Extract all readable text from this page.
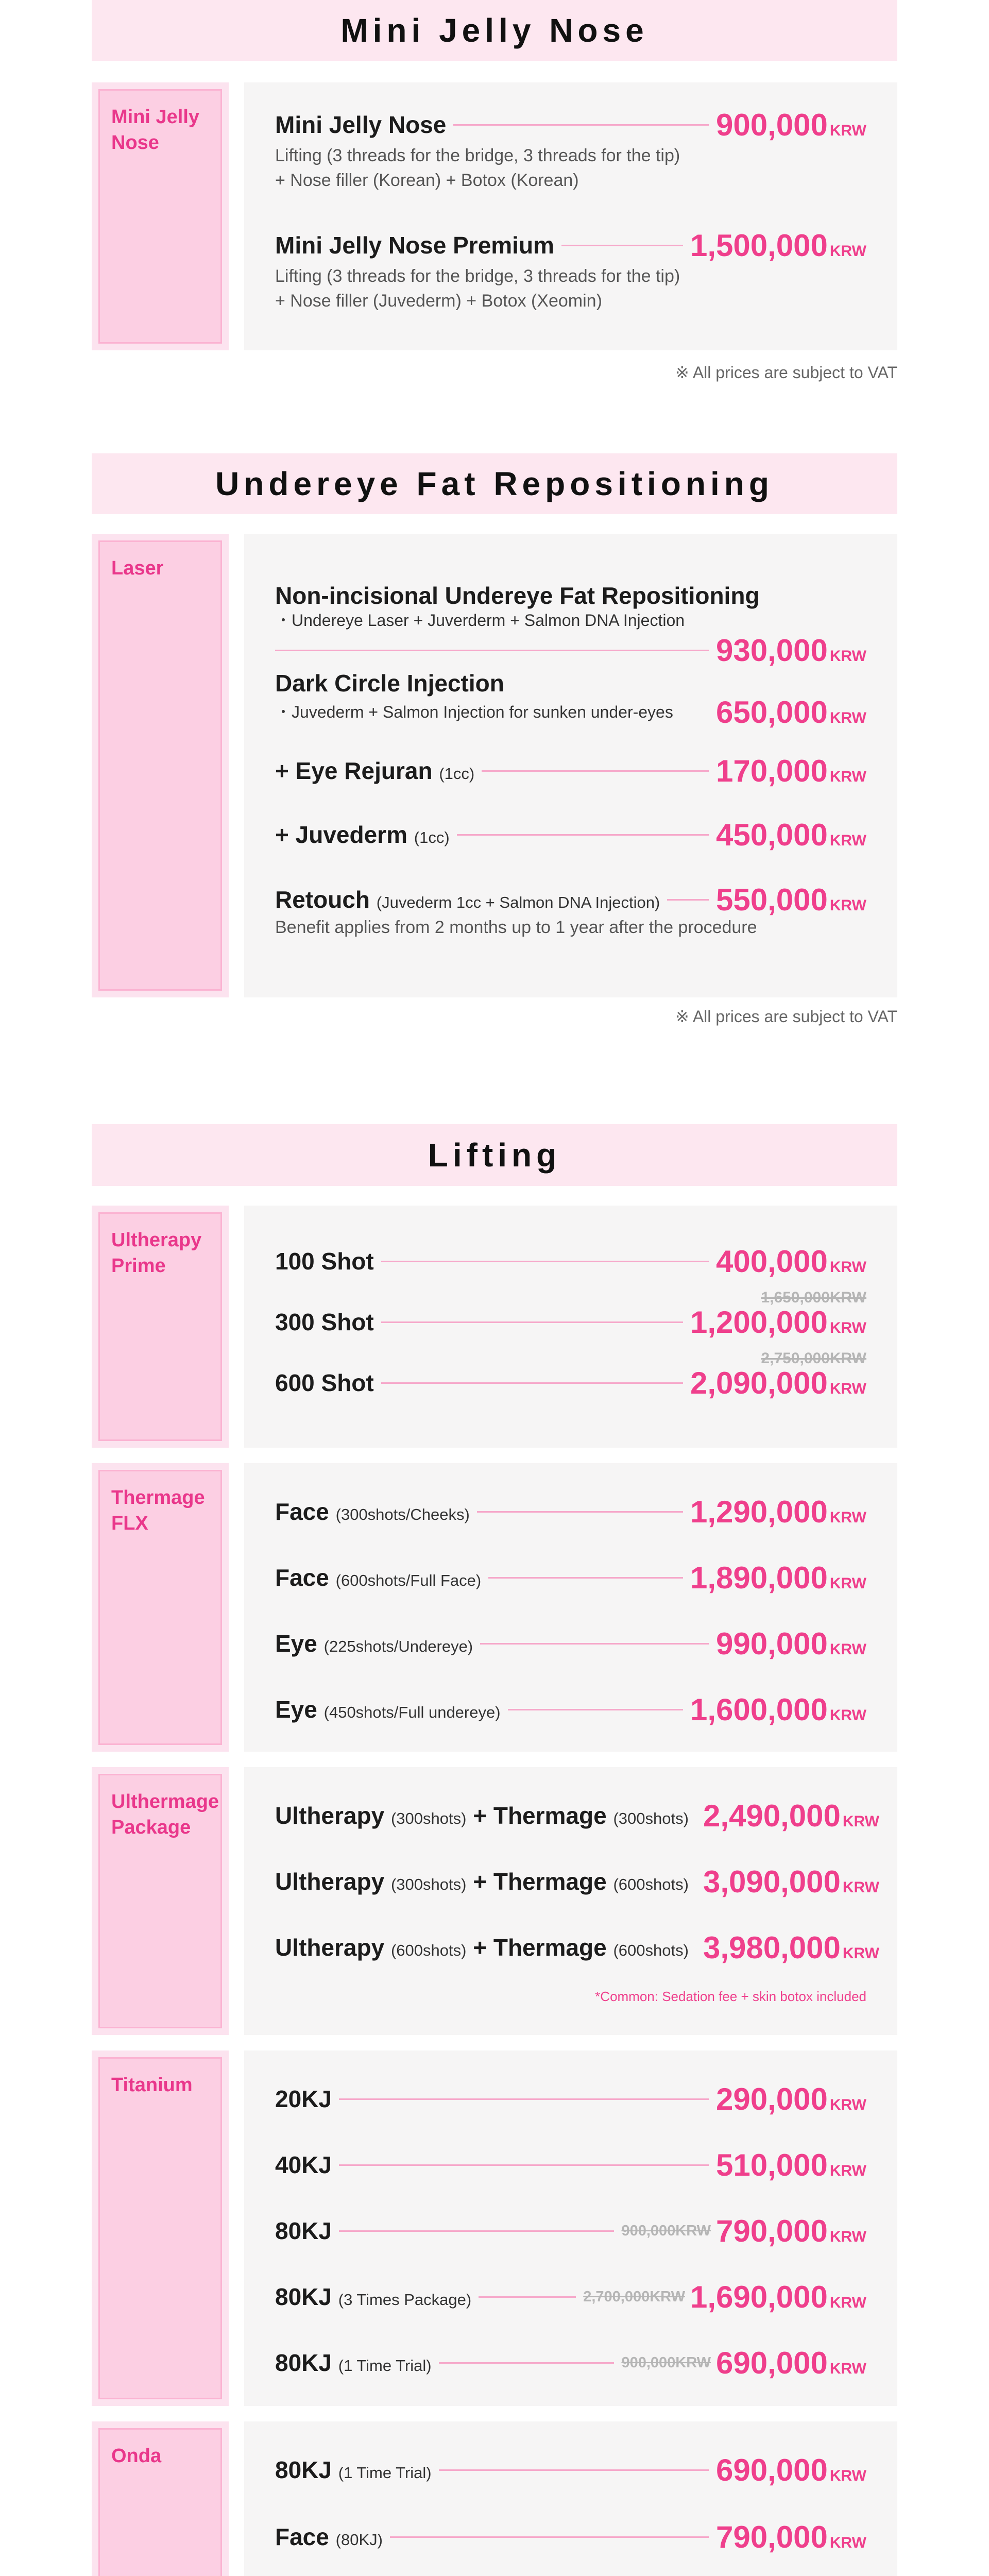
Mini Jelly Nose
Mini Jelly Nose
Mini Jelly Nose	900,000 KRW
Lifting (3 threads for the bridge, 3 threads for the tip)
+ Nose filler (Korean) + Botox (Korean)
Mini Jelly Nose Premium	1,500,000 KRW
Lifting (3 threads for the bridge, 3 threads for the tip)
+ Nose filler (Juvederm) + Botox (Xeomin)
※ All prices are subject to VAT
Undereye Fat Repositioning
Laser
Non-incisional Undereye Fat Repositioning
・Undereye Laser + Juverderm + Salmon DNA Injection
930,000 KRW
Dark Circle Injection
・Juvederm + Salmon Injection for sunken under-eyes 650,000 KRW
+ Eye Rejuran (1cc)	170,000 KRW
+ Juvederm (1cc)	450,000 KRW
Retouch (Juvederm 1cc + Salmon DNA Injection) 550,000 KRW
Benefit applies from 2 months up to 1 year after the procedure
※ All prices are subject to VAT
Lifting
Ultherapy Prime	100 Shot	400,000 KRW
1,650,000KRW
300 Shot	1,200,000 KRW
2,750,000KRW
600 Shot	2,090,000 KRW
Thermage FLX	Face (300shots/Cheeks)	1,290,000 KRW
Face (600shots/Full Face)	1,890,000 KRW
Eye (225shots/Undereye)	990,000 KRW
Eye (450shots/Full undereye)	1,600,000 KRW
Ulthermage Package	Ultherapy (300shots) + Thermage (300shots) 2,490,000 KRW
Ultherapy (300shots) + Thermage (600shots) 3,090,000 KRW
Ultherapy (600shots) + Thermage (600shots) 3,980,000 KRW
*Common: Sedation fee + skin botox included
Titanium
20KJ	290,000 KRW
40KJ	510,000 KRW
80KJ	900,000KRW 790,000 KRW
80KJ (3 Times Package)	2,700,000KRW 1,690,000 KRW
80KJ (1 Time Trial)	900,000KRW 690,000 KRW
Onda
80KJ (1 Time Trial)	690,000 KRW
Face (80KJ)	790,000 KRW
